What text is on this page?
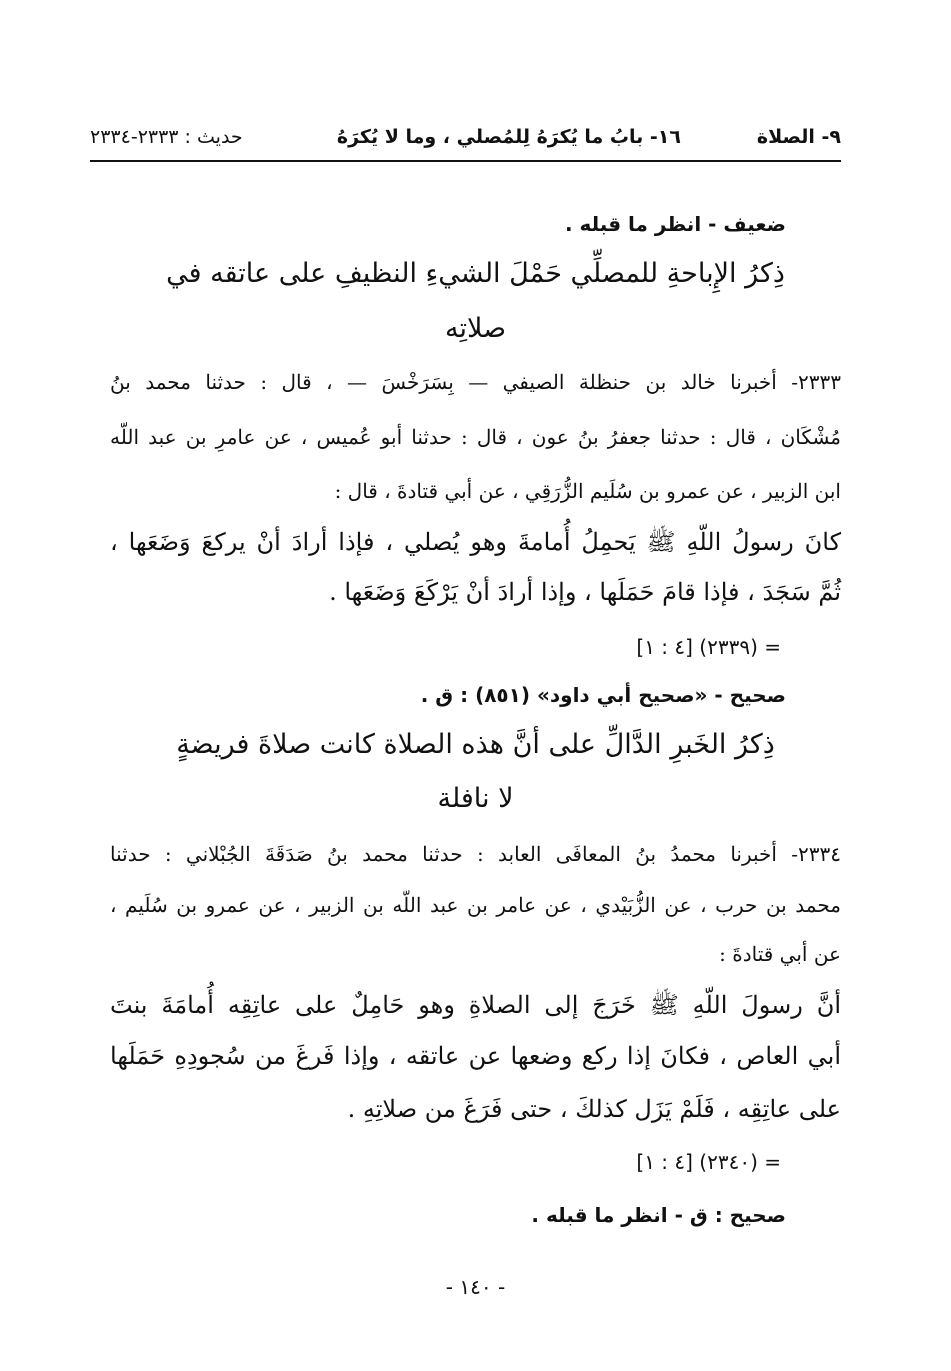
٩- الصلاة
١٦- بابُ ما يُكرَهُ لِلمُصلي ، وما لا يُكرَهُ
حديث : ٢٣٣٣-٢٣٣٤
ضعيف - انظر ما قبله .
ذِكرُ الإِباحةِ للمصلِّي حَمْلَ الشيءِ النظيفِ على عاتقه في
صلاتِه
٢٣٣٣- أخبرنا خالد بن حنظلة الصيفي — بِسَرَخْسَ — ، قال : حدثنا محمد بنُ
مُشْكَان ، قال : حدثنا جعفرُ بنُ عون ، قال : حدثنا أبو عُميس ، عن عامرِ بن عبد اللّه
ابن الزبير ، عن عمرو بن سُلَيم الزُّرَقِي ، عن أبي قتادةَ ، قال :
كانَ رسولُ اللّهِ ﷺ يَحمِلُ أُمامةَ وهو يُصلي ، فإذا أرادَ أنْ يركعَ وَضَعَها ،
ثُمَّ سَجَدَ ، فإذا قامَ حَمَلَها ، وإذا أرادَ أنْ يَرْكَعَ وَضَعَها .
= (٢٣٣٩) [٤ : ١]
صحيح - «صحيح أبي داود» (٨٥١) : ق .
ذِكرُ الخَبرِ الدَّالِّ على أنَّ هذه الصلاة كانت صلاةَ فريضةٍ
لا نافلة
٢٣٣٤- أخبرنا محمدُ بنُ المعافَى العابد : حدثنا محمد بنُ صَدَقَةَ الجُبْلاني : حدثنا
محمد بن حرب ، عن الزُّبَيْدي ، عن عامر بن عبد اللّه بن الزبير ، عن عمرو بن سُلَيم ،
عن أبي قتادةَ :
أنَّ رسولَ اللّهِ ﷺ خَرَجَ إلى الصلاةِ وهو حَامِلٌ على عاتِقِه أُمامَةَ بنتَ
أبي العاص ، فكانَ إذا ركع وضعها عن عاتقه ، وإذا فَرغَ من سُجودِهِ حَمَلَها
على عاتِقِه ، فَلَمْ يَزَل كذلكَ ، حتى فَرَغَ من صلاتِهِ .
= (٢٣٤٠) [٤ : ١]
صحيح : ق - انظر ما قبله .
- ١٤٠ -
